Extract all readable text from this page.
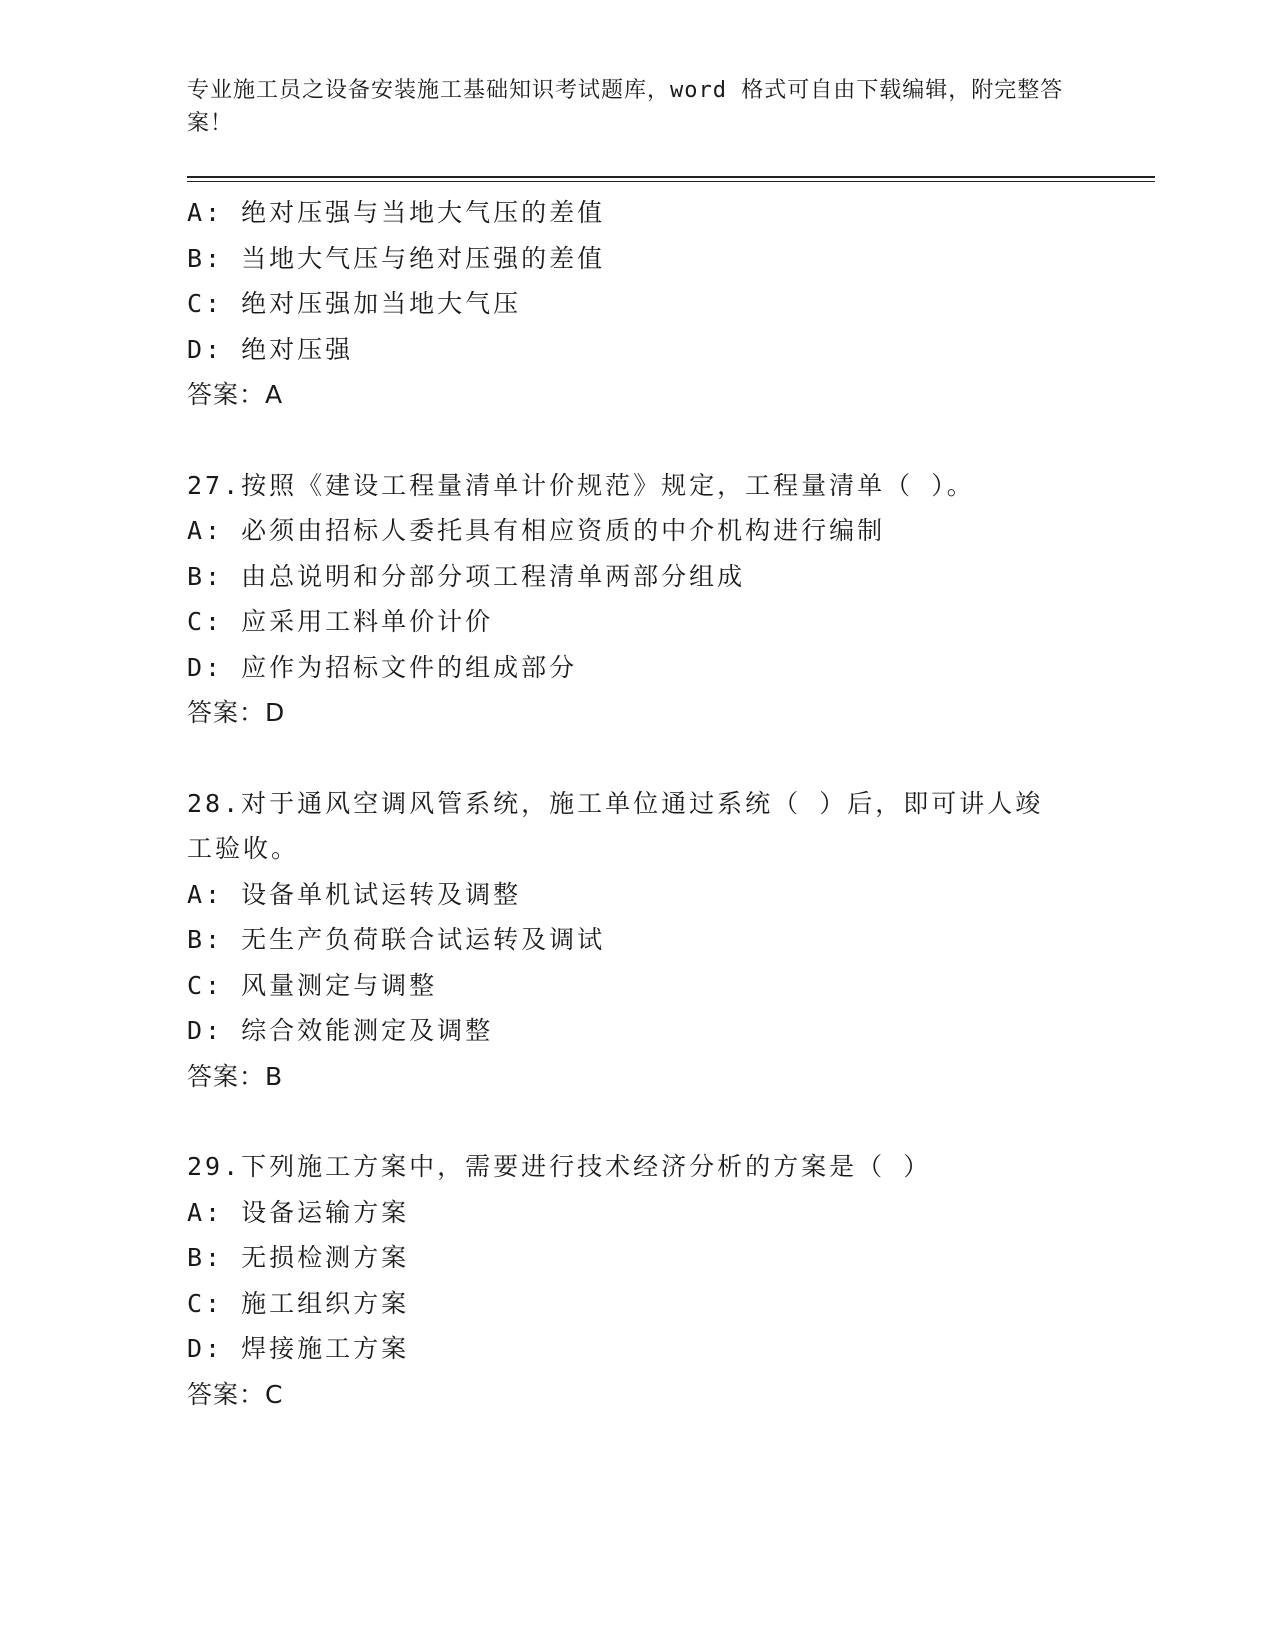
专业施工员之设备安装施工基础知识考试题库，word 格式可自由下载编辑，附完整答案！
A: 绝对压强与当地大气压的差值
B: 当地大气压与绝对压强的差值
C: 绝对压强加当地大气压
D: 绝对压强
答案：A
27.按照《建设工程量清单计价规范》规定，工程量清单（ ）。
A: 必须由招标人委托具有相应资质的中介机构进行编制
B: 由总说明和分部分项工程清单两部分组成
C: 应采用工料单价计价
D: 应作为招标文件的组成部分
答案：D
28.对于通风空调风管系统，施工单位通过系统（ ）后，即可讲人竣工验收。
A: 设备单机试运转及调整
B: 无生产负荷联合试运转及调试
C: 风量测定与调整
D: 综合效能测定及调整
答案：B
29.下列施工方案中，需要进行技术经济分析的方案是（ ）
A: 设备运输方案
B: 无损检测方案
C: 施工组织方案
D: 焊接施工方案
答案：C
